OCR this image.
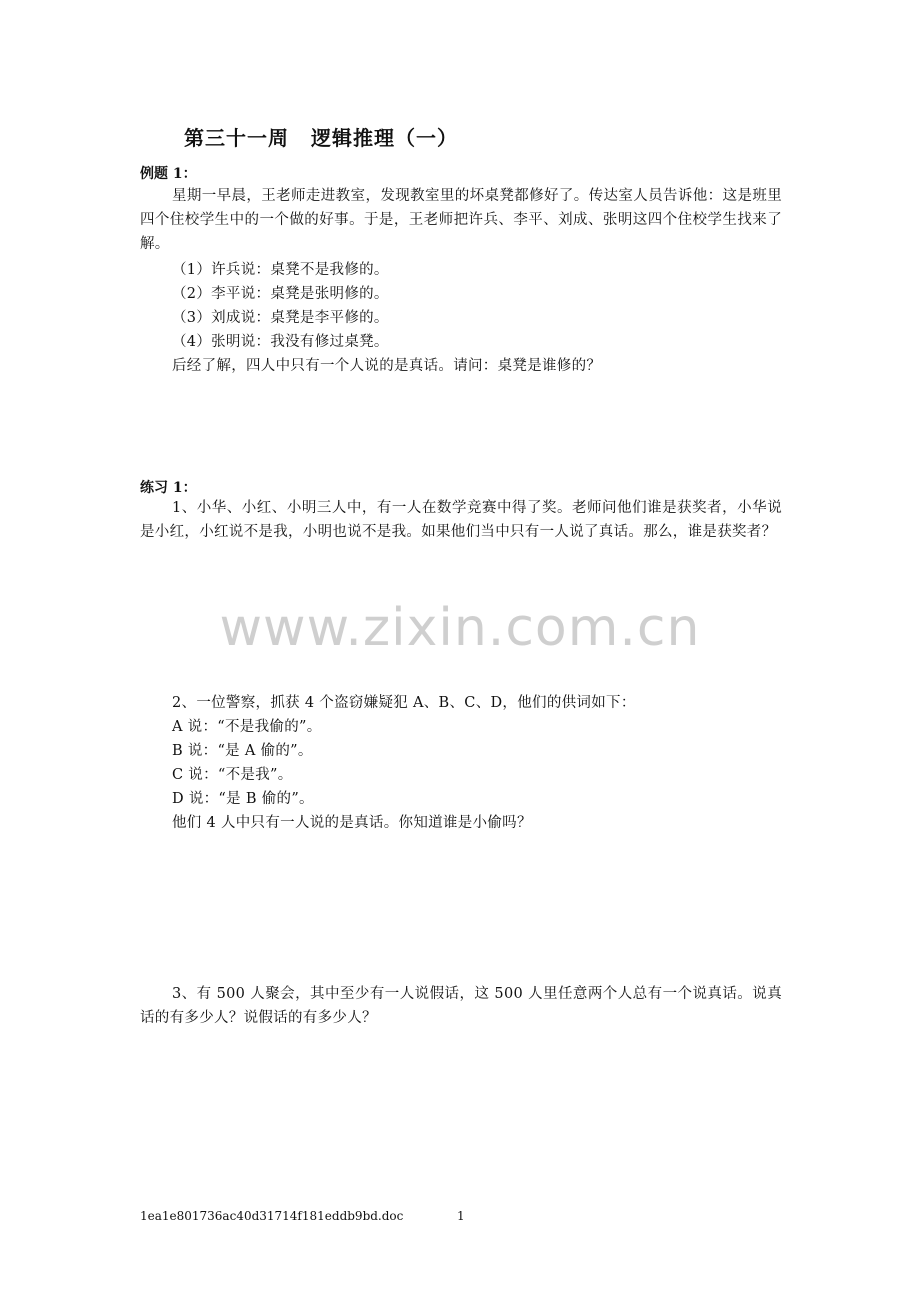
第三十一周 逻辑推理（一）
例题 1：
星期一早晨，王老师走进教室，发现教室里的坏桌凳都修好了。传达室人员告诉他：这是班里四个住校学生中的一个做的好事。于是，王老师把许兵、李平、刘成、张明这四个住校学生找来了解。
（1）许兵说：桌凳不是我修的。
（2）李平说：桌凳是张明修的。
（3）刘成说：桌凳是李平修的。
（4）张明说：我没有修过桌凳。
后经了解，四人中只有一个人说的是真话。请问：桌凳是谁修的？
练习 1：
1、小华、小红、小明三人中，有一人在数学竞赛中得了奖。老师问他们谁是获奖者，小华说是小红，小红说不是我，小明也说不是我。如果他们当中只有一人说了真话。那么，谁是获奖者？
www.zixin.com.cn
2、一位警察，抓获 4 个盗窃嫌疑犯 A、B、C、D，他们的供词如下：
A 说：“不是我偷的”。
B 说：“是 A 偷的”。
C 说：“不是我”。
D 说：“是 B 偷的”。
他们 4 人中只有一人说的是真话。你知道谁是小偷吗？
3、有 500 人聚会，其中至少有一人说假话，这 500 人里任意两个人总有一个说真话。说真话的有多少人？说假话的有多少人？
1ea1e801736ac40d31714f181eddb9bd.doc	1
